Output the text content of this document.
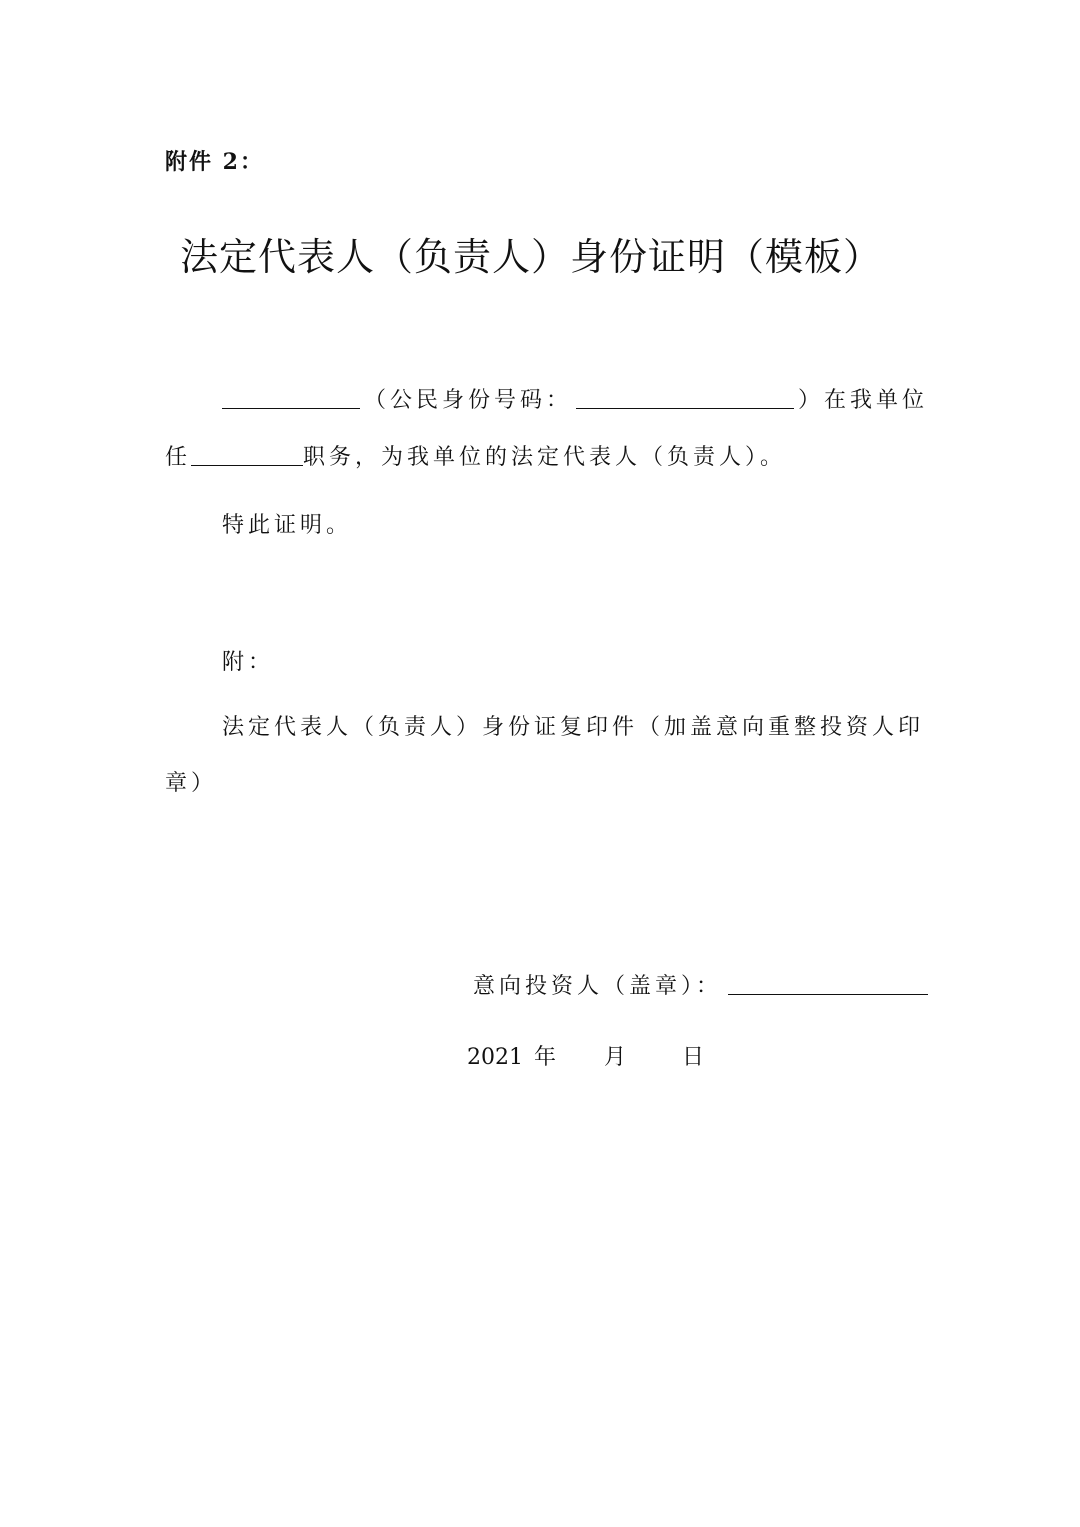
附件 2：
法定代表人（负责人）身份证明（模板）
（公民身份号码：	）在我单位
任	职务，为我单位的法定代表人（负责人）。
特此证明。
附：
法定代表人（负责人）身份证复印件（加盖意向重整投资人印
章）
意向投资人（盖章）：
2021 年 月 日
